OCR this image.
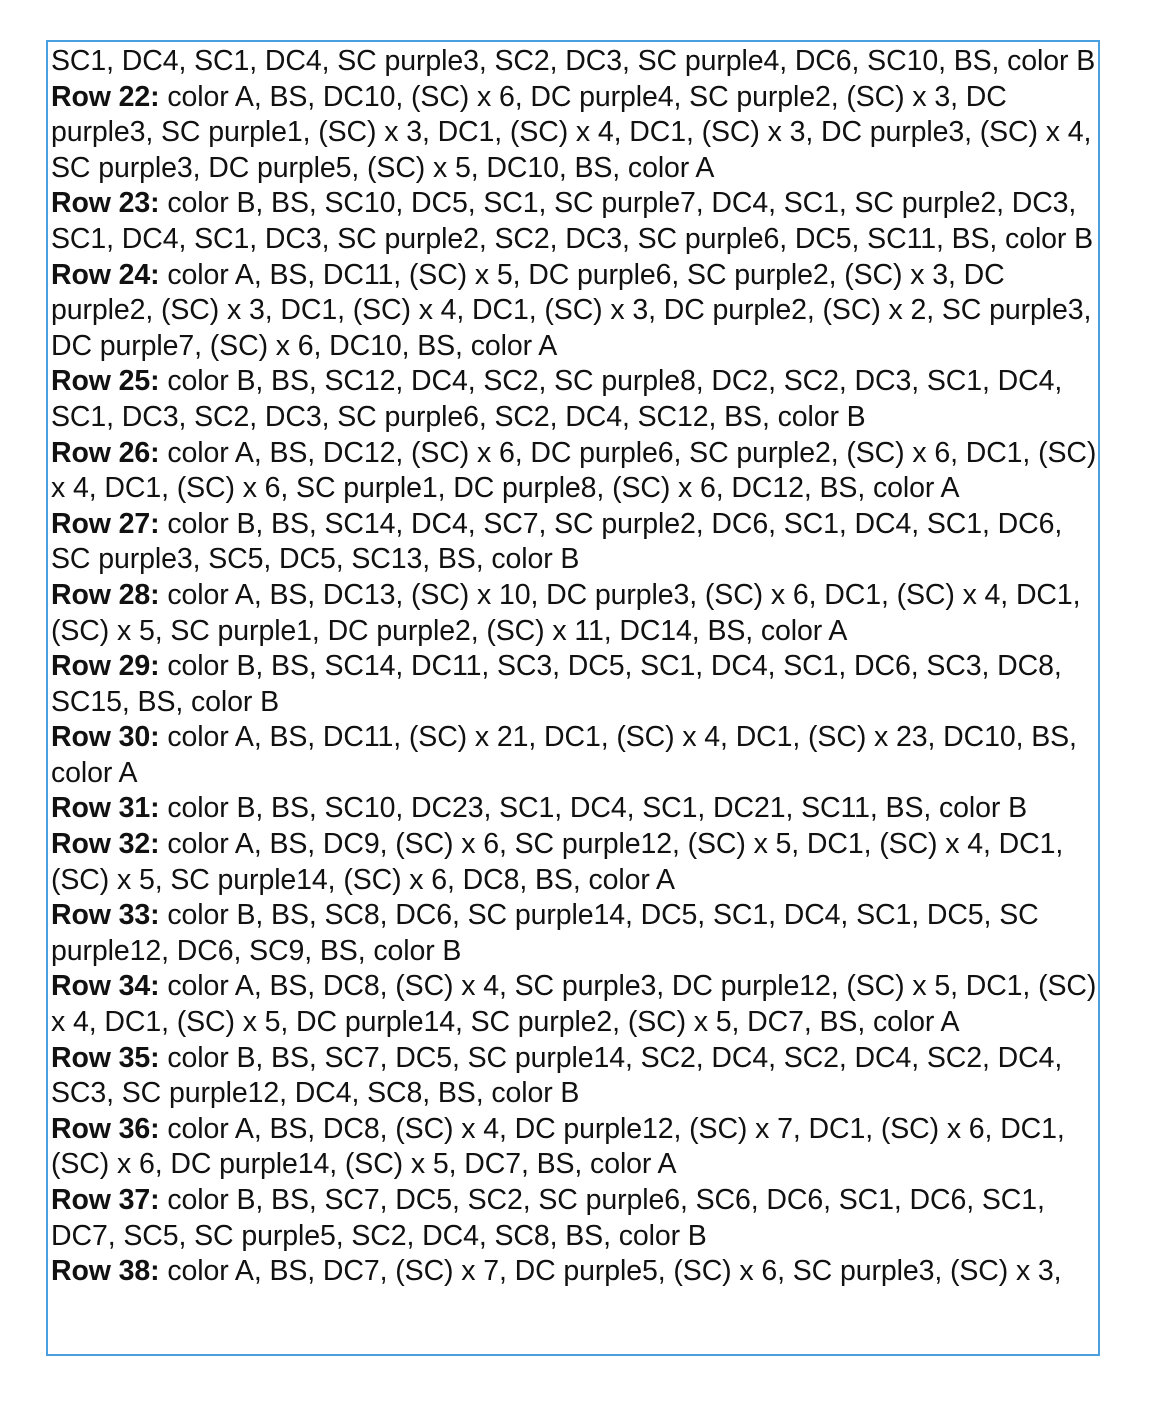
SC1, DC4, SC1, DC4, SC purple3, SC2, DC3, SC purple4, DC6, SC10, BS, color B
Row 22: color A, BS, DC10, (SC) x 6, DC purple4, SC purple2, (SC) x 3, DC purple3, SC purple1, (SC) x 3, DC1, (SC) x 4, DC1, (SC) x 3, DC purple3, (SC) x 4, SC purple3, DC purple5, (SC) x 5, DC10, BS, color A
Row 23: color B, BS, SC10, DC5, SC1, SC purple7, DC4, SC1, SC purple2, DC3, SC1, DC4, SC1, DC3, SC purple2, SC2, DC3, SC purple6, DC5, SC11, BS, color B
Row 24: color A, BS, DC11, (SC) x 5, DC purple6, SC purple2, (SC) x 3, DC purple2, (SC) x 3, DC1, (SC) x 4, DC1, (SC) x 3, DC purple2, (SC) x 2, SC purple3, DC purple7, (SC) x 6, DC10, BS, color A
Row 25: color B, BS, SC12, DC4, SC2, SC purple8, DC2, SC2, DC3, SC1, DC4, SC1, DC3, SC2, DC3, SC purple6, SC2, DC4, SC12, BS, color B
Row 26: color A, BS, DC12, (SC) x 6, DC purple6, SC purple2, (SC) x 6, DC1, (SC) x 4, DC1, (SC) x 6, SC purple1, DC purple8, (SC) x 6, DC12, BS, color A
Row 27: color B, BS, SC14, DC4, SC7, SC purple2, DC6, SC1, DC4, SC1, DC6, SC purple3, SC5, DC5, SC13, BS, color B
Row 28: color A, BS, DC13, (SC) x 10, DC purple3, (SC) x 6, DC1, (SC) x 4, DC1, (SC) x 5, SC purple1, DC purple2, (SC) x 11, DC14, BS, color A
Row 29: color B, BS, SC14, DC11, SC3, DC5, SC1, DC4, SC1, DC6, SC3, DC8, SC15, BS, color B
Row 30: color A, BS, DC11, (SC) x 21, DC1, (SC) x 4, DC1, (SC) x 23, DC10, BS, color A
Row 31: color B, BS, SC10, DC23, SC1, DC4, SC1, DC21, SC11, BS, color B
Row 32: color A, BS, DC9, (SC) x 6, SC purple12, (SC) x 5, DC1, (SC) x 4, DC1, (SC) x 5, SC purple14, (SC) x 6, DC8, BS, color A
Row 33: color B, BS, SC8, DC6, SC purple14, DC5, SC1, DC4, SC1, DC5, SC purple12, DC6, SC9, BS, color B
Row 34: color A, BS, DC8, (SC) x 4, SC purple3, DC purple12, (SC) x 5, DC1, (SC) x 4, DC1, (SC) x 5, DC purple14, SC purple2, (SC) x 5, DC7, BS, color A
Row 35: color B, BS, SC7, DC5, SC purple14, SC2, DC4, SC2, DC4, SC2, DC4, SC3, SC purple12, DC4, SC8, BS, color B
Row 36: color A, BS, DC8, (SC) x 4, DC purple12, (SC) x 7, DC1, (SC) x 6, DC1, (SC) x 6, DC purple14, (SC) x 5, DC7, BS, color A
Row 37: color B, BS, SC7, DC5, SC2, SC purple6, SC6, DC6, SC1, DC6, SC1, DC7, SC5, SC purple5, SC2, DC4, SC8, BS, color B
Row 38: color A, BS, DC7, (SC) x 7, DC purple5, (SC) x 6, SC purple3, (SC) x 3,
